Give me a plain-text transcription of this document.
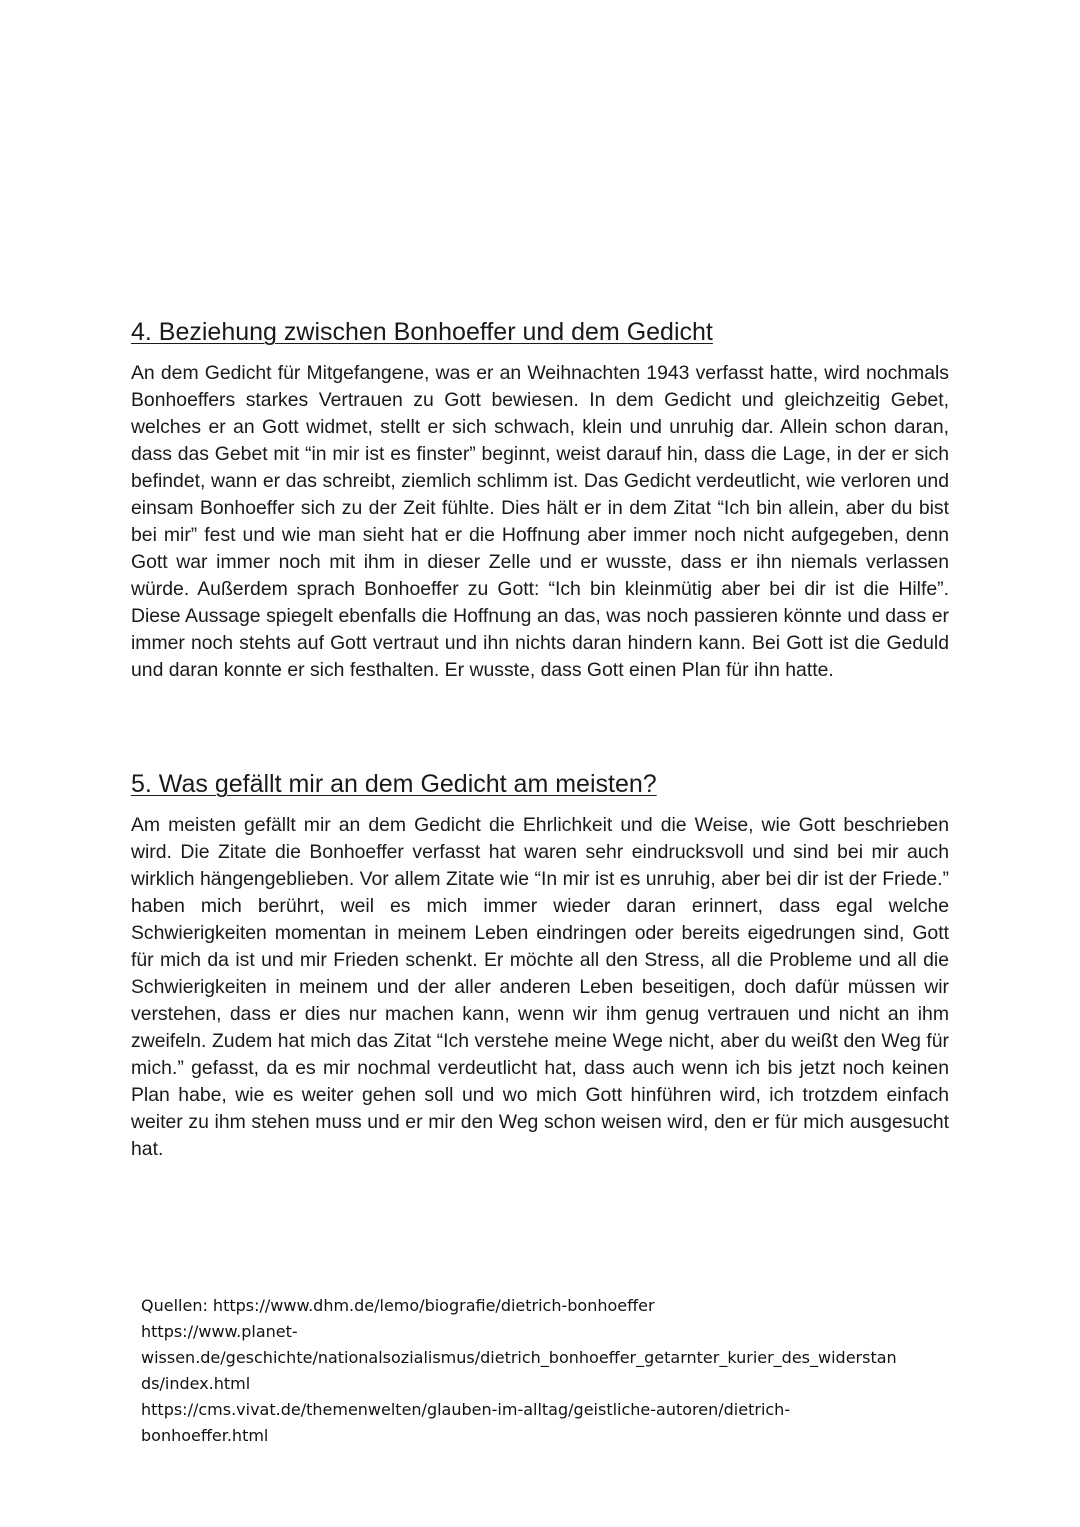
4. Beziehung zwischen Bonhoeffer und dem Gedicht

An dem Gedicht für Mitgefangene, was er an Weihnachten 1943 verfasst hatte, wird nochmals Bonhoeffers starkes Vertrauen zu Gott bewiesen. In dem Gedicht und gleichzeitig Gebet, welches er an Gott widmet, stellt er sich schwach, klein und unruhig dar. Allein schon daran, dass das Gebet mit “in mir ist es finster” beginnt, weist darauf hin, dass die Lage, in der er sich befindet, wann er das schreibt, ziemlich schlimm ist. Das Gedicht verdeutlicht, wie verloren und einsam Bonhoeffer sich zu der Zeit fühlte. Dies hält er in dem Zitat “Ich bin allein, aber du bist bei mir” fest und wie man sieht hat er die Hoffnung aber immer noch nicht aufgegeben, denn Gott war immer noch mit ihm in dieser Zelle und er wusste, dass er ihn niemals verlassen würde. Außerdem sprach Bonhoeffer zu Gott: “Ich bin kleinmütig aber bei dir ist die Hilfe”. Diese Aussage spiegelt ebenfalls die Hoffnung an das, was noch passieren könnte und dass er immer noch stehts auf Gott vertraut und ihn nichts daran hindern kann. Bei Gott ist die Geduld und daran konnte er sich festhalten. Er wusste, dass Gott einen Plan für ihn hatte.

5. Was gefällt mir an dem Gedicht am meisten?

Am meisten gefällt mir an dem Gedicht die Ehrlichkeit und die Weise, wie Gott beschrieben wird. Die Zitate die Bonhoeffer verfasst hat waren sehr eindrucksvoll und sind bei mir auch wirklich hängengeblieben. Vor allem Zitate wie “In mir ist es unruhig, aber bei dir ist der Friede.” haben mich berührt, weil es mich immer wieder daran erinnert, dass egal welche Schwierigkeiten momentan in meinem Leben eindringen oder bereits eigedrungen sind, Gott für mich da ist und mir Frieden schenkt. Er möchte all den Stress, all die Probleme und all die Schwierigkeiten in meinem und der aller anderen Leben beseitigen, doch dafür müssen wir verstehen, dass er dies nur machen kann, wenn wir ihm genug vertrauen und nicht an ihm zweifeln. Zudem hat mich das Zitat “Ich verstehe meine Wege nicht, aber du weißt den Weg für mich.” gefasst, da es mir nochmal verdeutlicht hat, dass auch wenn ich bis jetzt noch keinen Plan habe, wie es weiter gehen soll und wo mich Gott hinführen wird, ich trotzdem einfach weiter zu ihm stehen muss und er mir den Weg schon weisen wird, den er für mich ausgesucht hat.

Quellen: https://www.dhm.de/lemo/biografie/dietrich-bonhoeffer
https://www.planet-
wissen.de/geschichte/nationalsozialismus/dietrich_bonhoeffer_getarnter_kurier_des_widerstan
ds/index.html
https://cms.vivat.de/themenwelten/glauben-im-alltag/geistliche-autoren/dietrich-
bonhoeffer.html
